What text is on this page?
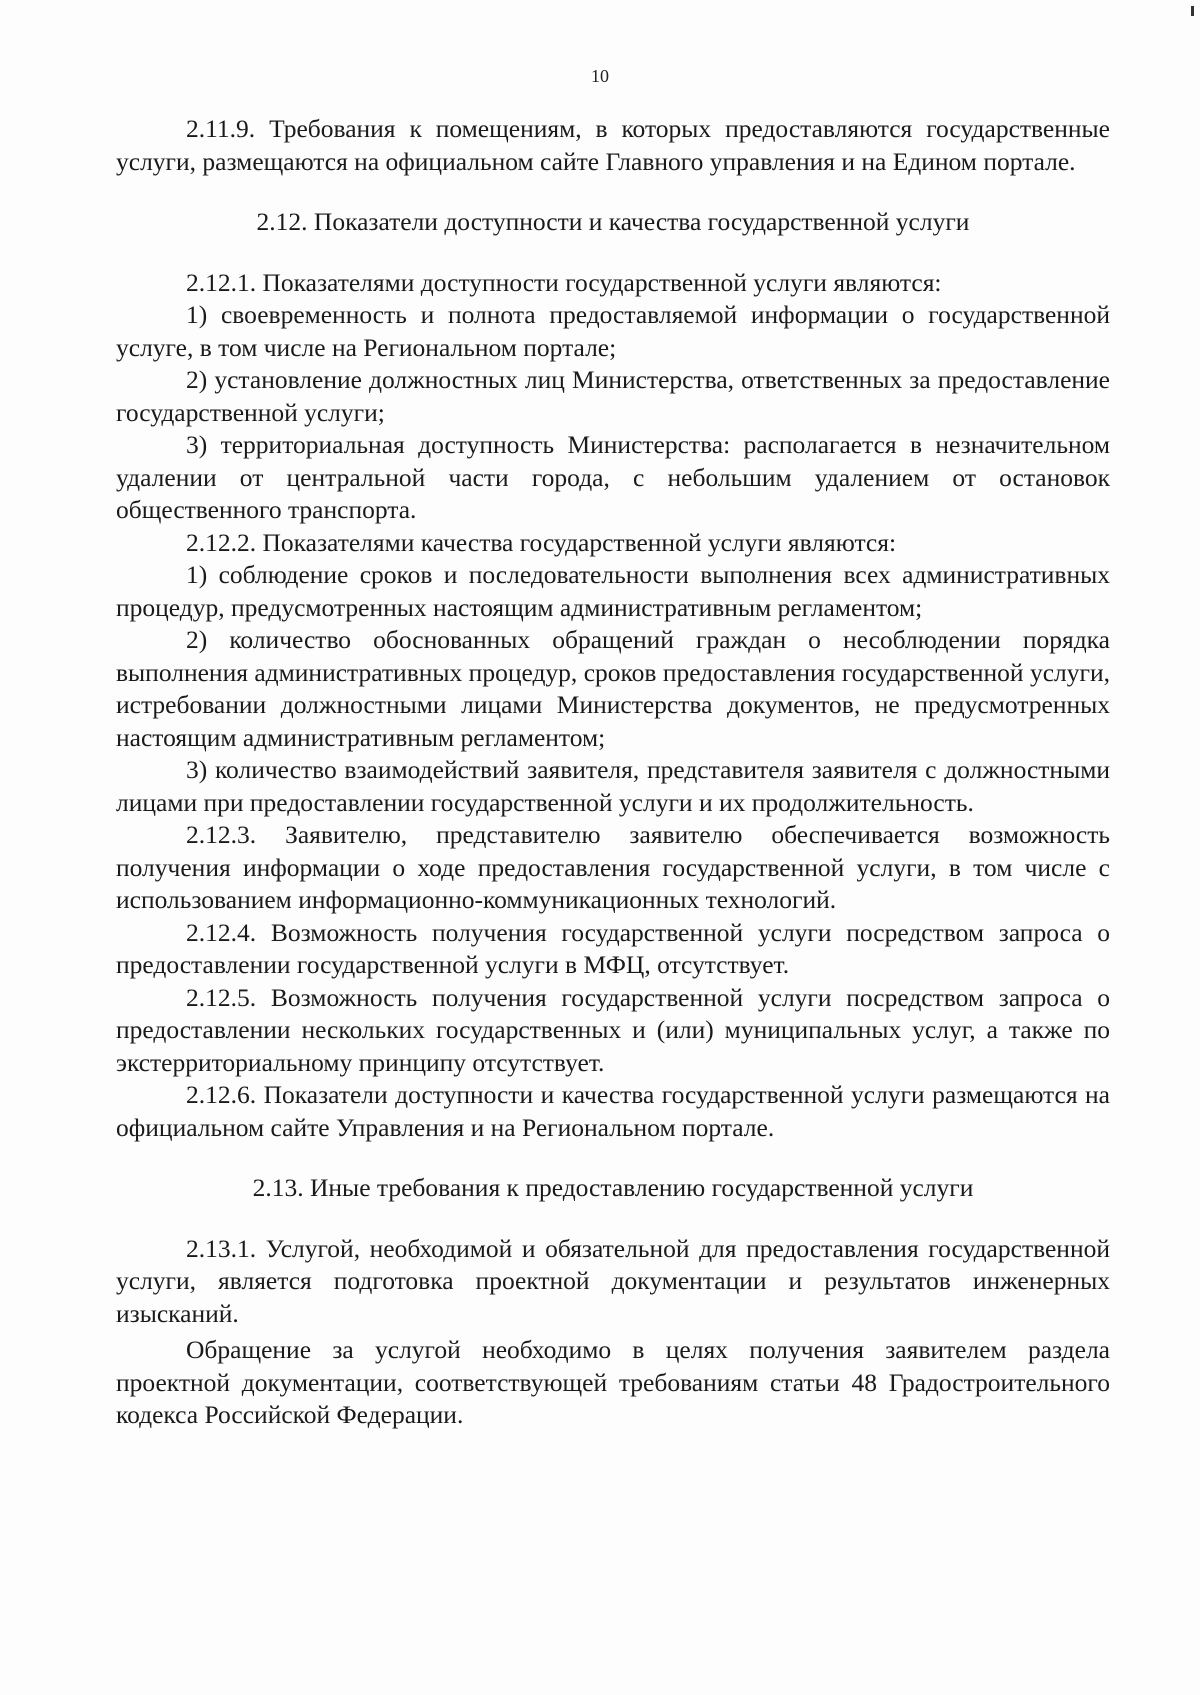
10

2.11.9. Требования к помещениям, в которых предоставляются государственные услуги, размещаются на официальном сайте Главного управления и на Едином портале.

2.12. Показатели доступности и качества государственной услуги

2.12.1. Показателями доступности государственной услуги являются:

1) своевременность и полнота предоставляемой информации о государственной услуге, в том числе на Региональном портале;

2) установление должностных лиц Министерства, ответственных за предоставление государственной услуги;

3) территориальная доступность Министерства: располагается в незначительном удалении от центральной части города, с небольшим удалением от остановок общественного транспорта.

2.12.2. Показателями качества государственной услуги являются:

1) соблюдение сроков и последовательности выполнения всех административных процедур, предусмотренных настоящим административным регламентом;

2) количество обоснованных обращений граждан о несоблюдении порядка выполнения административных процедур, сроков предоставления государственной услуги, истребовании должностными лицами Министерства документов, не предусмотренных настоящим административным регламентом;

3) количество взаимодействий заявителя, представителя заявителя с должностными лицами при предоставлении государственной услуги и их продолжительность.

2.12.3. Заявителю, представителю заявителю обеспечивается возможность получения информации о ходе предоставления государственной услуги, в том числе с использованием информационно-коммуникационных технологий.

2.12.4. Возможность получения государственной услуги посредством запроса о предоставлении государственной услуги в МФЦ, отсутствует.

2.12.5. Возможность получения государственной услуги посредством запроса о предоставлении нескольких государственных и (или) муниципальных услуг, а также по экстерриториальному принципу отсутствует.

2.12.6. Показатели доступности и качества государственной услуги размещаются на официальном сайте Управления и на Региональном портале.

2.13. Иные требования к предоставлению государственной услуги

2.13.1. Услугой, необходимой и обязательной для предоставления государственной услуги, является подготовка проектной документации и результатов инженерных изысканий.

Обращение за услугой необходимо в целях получения заявителем раздела проектной документации, соответствующей требованиям статьи 48 Градостроительного кодекса Российской Федерации.
